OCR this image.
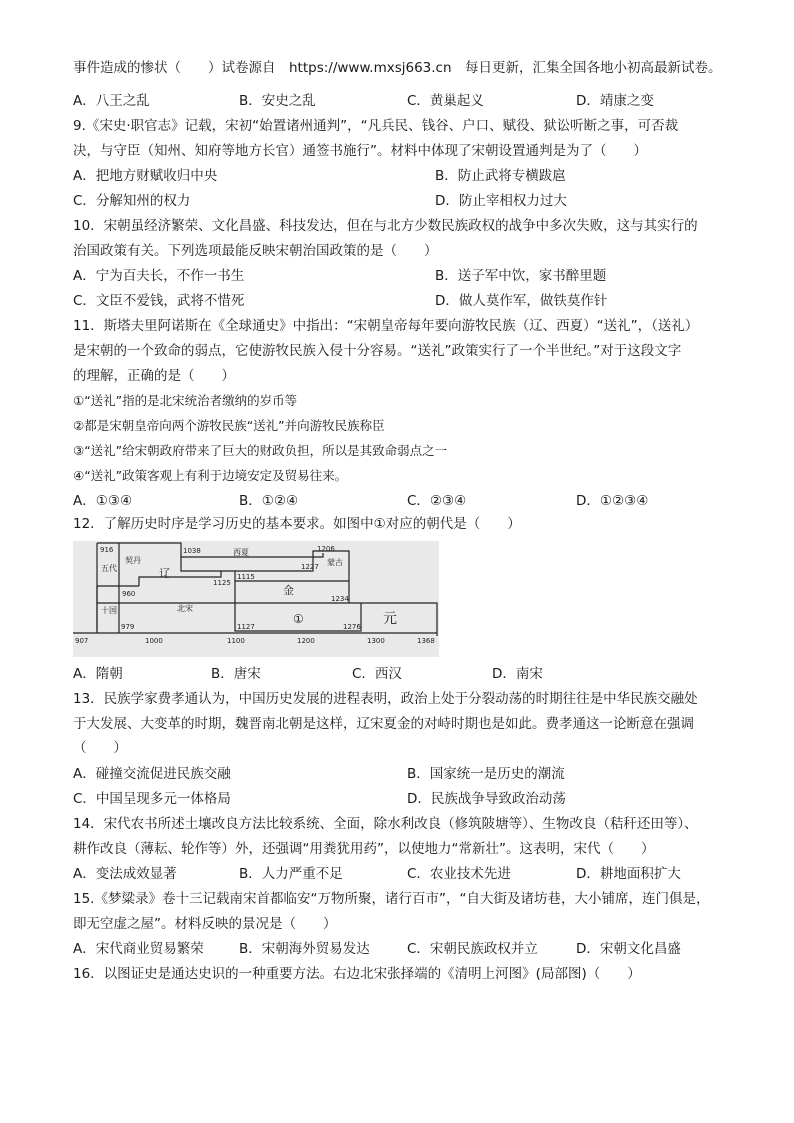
事件造成的惨状（　　）试卷源自　https://www.mxsj663.cn　每日更新，汇集全国各地小初高最新试卷。
A．八王之乱	B．安史之乱	C．黄巢起义	D．靖康之变
9.《宋史·职官志》记载，宋初“始置诸州通判”，“凡兵民、钱谷、户口、赋役、狱讼听断之事，可否裁
决，与守臣（知州、知府等地方长官）通签书施行”。材料中体现了宋朝设置通判是为了（　　）
A．把地方财赋收归中央	B．防止武将专横跋扈
C．分解知州的权力	D．防止宰相权力过大
10．宋朝虽经济繁荣、文化昌盛、科技发达，但在与北方少数民族政权的战争中多次失败，这与其实行的
治国政策有关。下列选项最能反映宋朝治国政策的是（　　）
A．宁为百夫长，不作一书生	B．送子军中饮，家书醉里题
C．文臣不爱钱，武将不惜死	D．做人莫作军，做铁莫作针
11．斯塔夫里阿诺斯在《全球通史》中指出：“宋朝皇帝每年要向游牧民族（辽、西夏）“送礼”，（送礼）
是宋朝的一个致命的弱点，它使游牧民族入侵十分容易。“送礼”政策实行了一个半世纪。”对于这段文字
的理解，正确的是（　　）
①“送礼”指的是北宋统治者缴纳的岁币等
②都是宋朝皇帝向两个游牧民族“送礼”并向游牧民族称臣
③“送礼”给宋朝政府带来了巨大的财政负担，所以是其致命弱点之一
④“送礼”政策客观上有利于边境安定及贸易往来。
A．①③④	B．①②④	C．②③④	D．①②③④
12．了解历史时序是学习历史的基本要求。如图中①对应的朝代是（　　）
916
契丹
辽
1038	西夏
1227
1206
蒙古
五代
960
1125
1115
金
1234
元
北宋
十国
979
①
1127	1276
907	1000	1100	1200	1300	1368
A．隋朝	B．唐宋	C．西汉	D．南宋
13．民族学家费孝通认为，中国历史发展的进程表明，政治上处于分裂动荡的时期往往是中华民族交融处
于大发展、大变革的时期，魏晋南北朝是这样，辽宋夏金的对峙时期也是如此。费孝通这一论断意在强调
（　　）
A．碰撞交流促进民族交融	B．国家统一是历史的潮流
C．中国呈现多元一体格局	D．民族战争导致政治动荡
14．宋代农书所述土壤改良方法比较系统、全面，除水利改良（修筑陂塘等）、生物改良（秸秆还田等）、
耕作改良（薄耘、轮作等）外，还强调“用粪犹用药”，以使地力“常新壮”。这表明，宋代（　　）
A．变法成效显著	B．人力严重不足	C．农业技术先进	D．耕地面积扩大
15.《梦粱录》卷十三记载南宋首都临安“万物所聚，诸行百市”，“自大街及诸坊巷，大小铺席，连门俱是，
即无空虚之屋”。材料反映的景况是（　　）
A．宋代商业贸易繁荣	B．宋朝海外贸易发达	C．宋朝民族政权并立	D．宋朝文化昌盛
16．以图证史是通达史识的一种重要方法。右边北宋张择端的《清明上河图》(局部图)（　　）
